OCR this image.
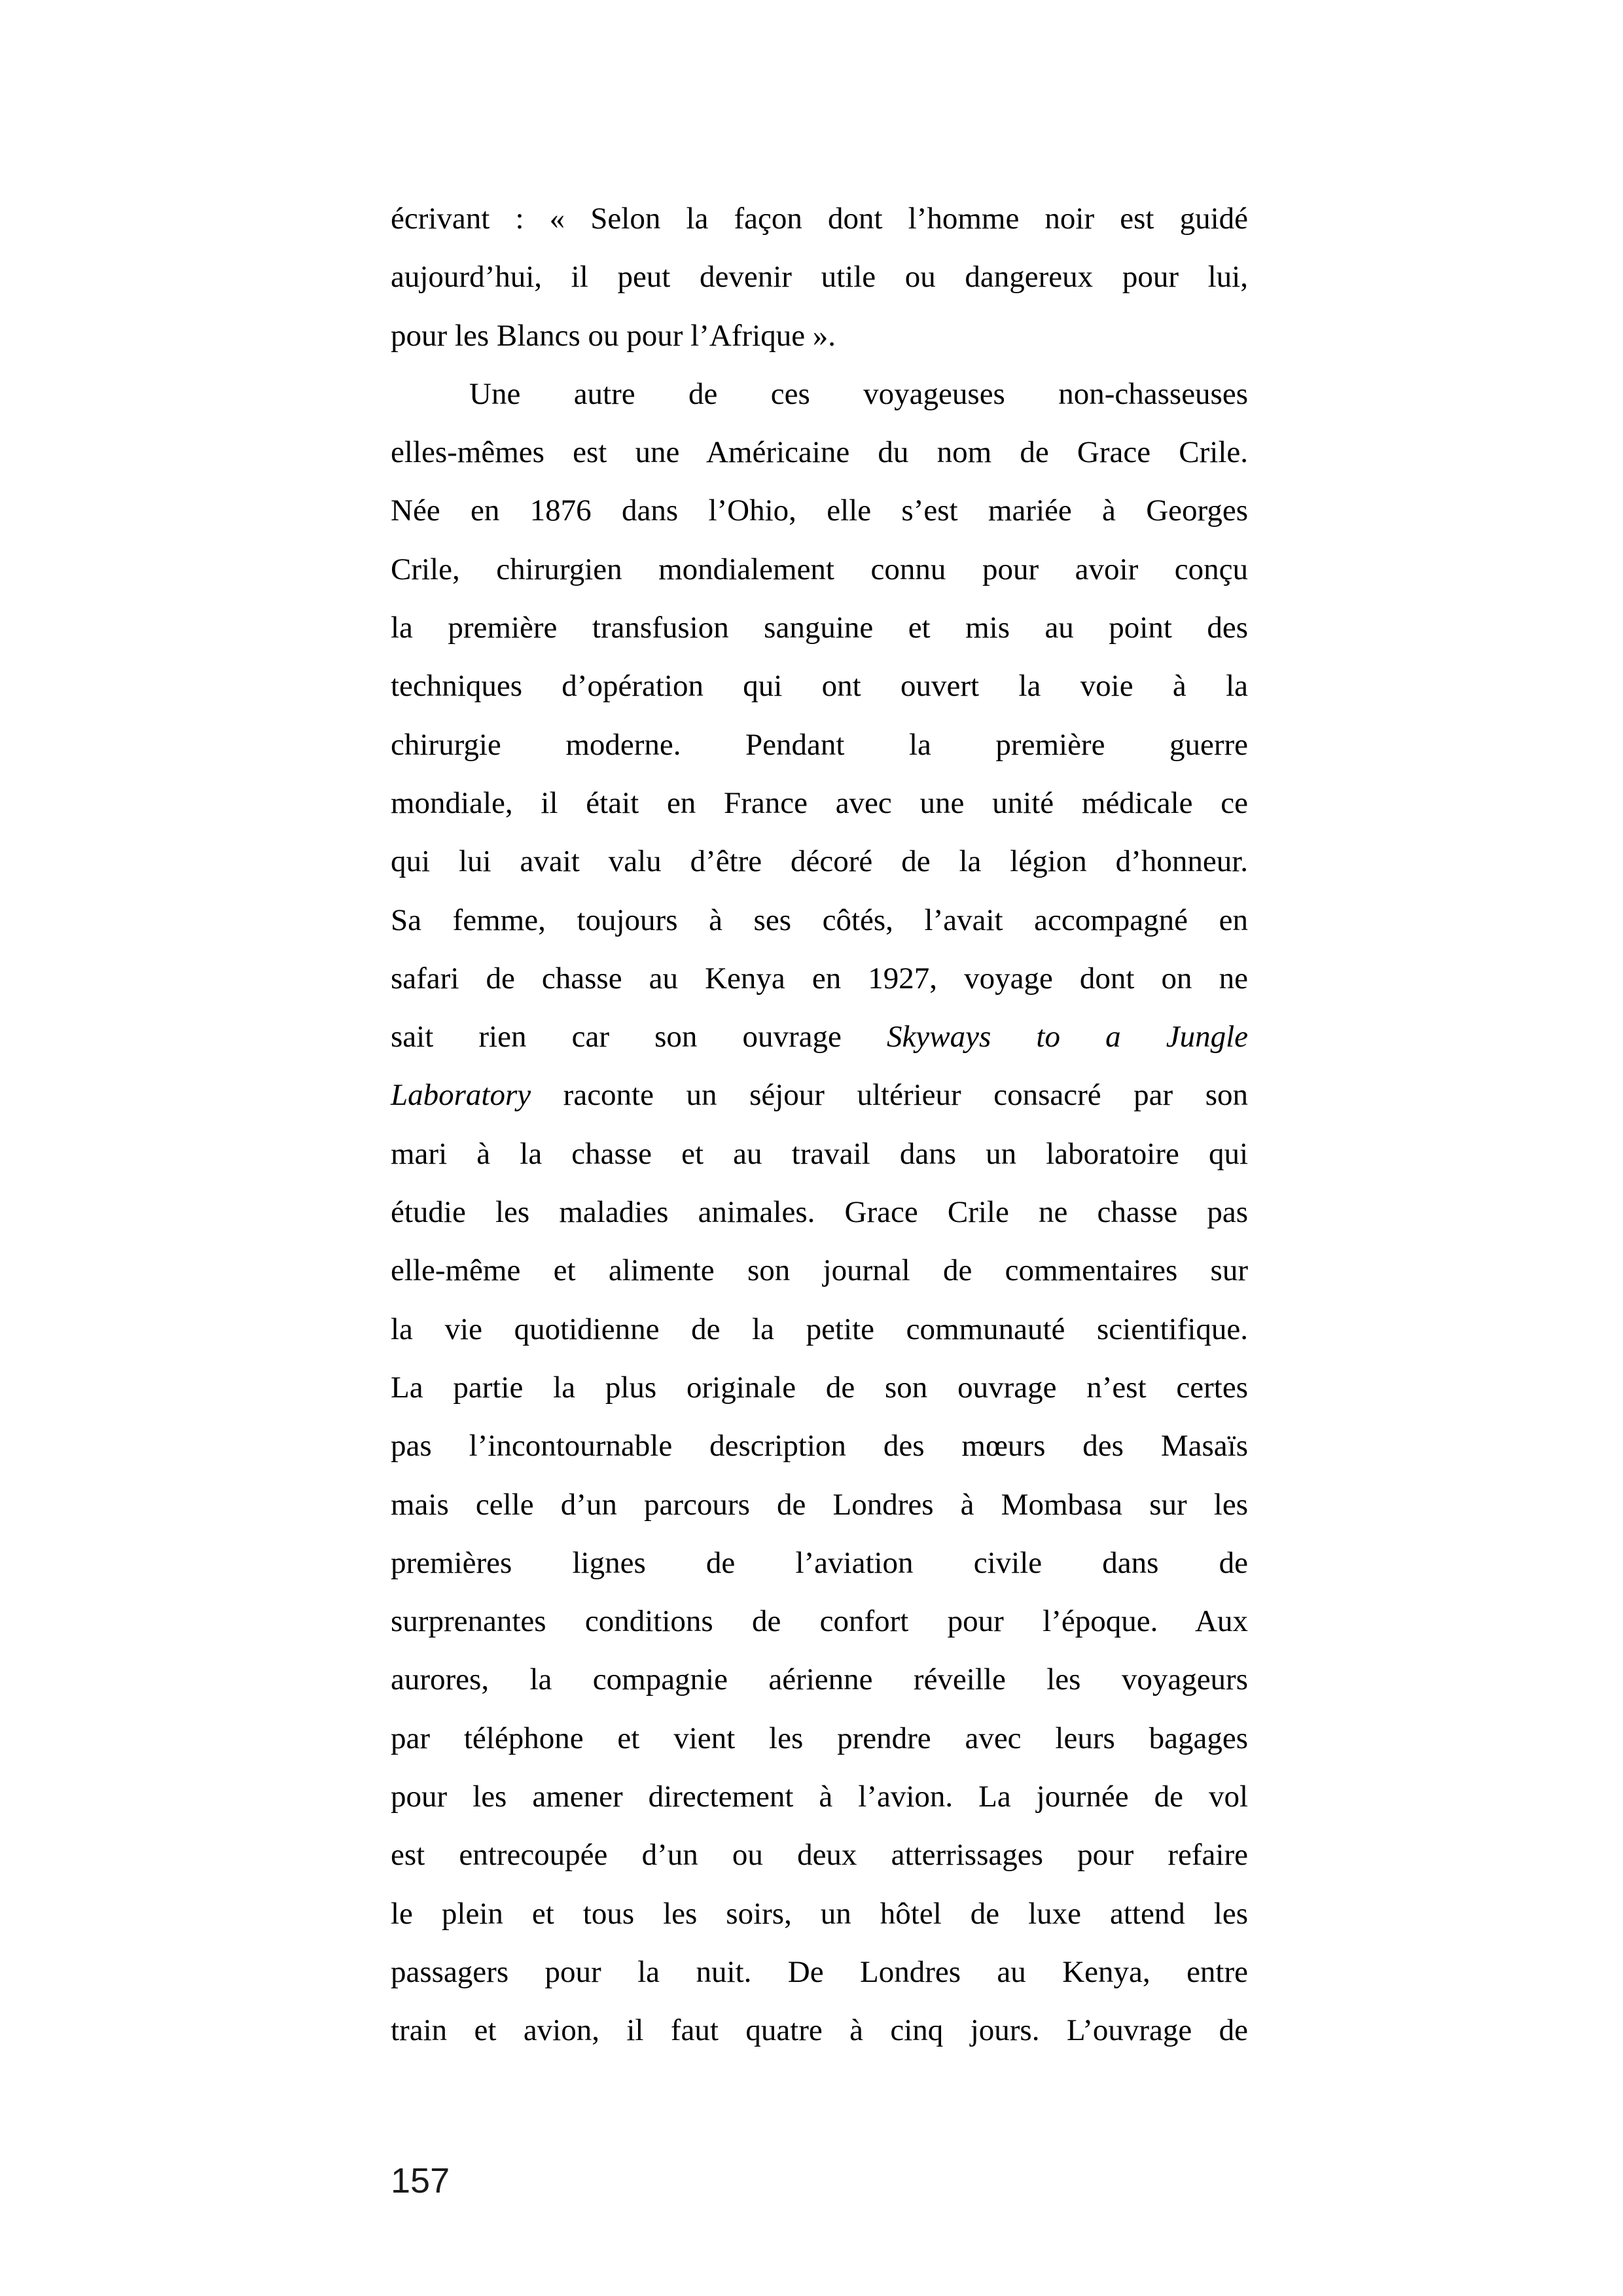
écrivant : « Selon la façon dont l’homme noir est guidé
aujourd’hui, il peut devenir utile ou dangereux pour lui,
pour les Blancs ou pour l’Afrique ».
Une autre de ces voyageuses non-chasseuses
elles-mêmes est une Américaine du nom de Grace Crile.
Née en 1876 dans l’Ohio, elle s’est mariée à Georges
Crile, chirurgien mondialement connu pour avoir conçu
la première transfusion sanguine et mis au point des
techniques d’opération qui ont ouvert la voie à la
chirurgie moderne. Pendant la première guerre
mondiale, il était en France avec une unité médicale ce
qui lui avait valu d’être décoré de la légion d’honneur.
Sa femme, toujours à ses côtés, l’avait accompagné en
safari de chasse au Kenya en 1927, voyage dont on ne
sait rien car son ouvrage Skyways to a Jungle
Laboratory raconte un séjour ultérieur consacré par son
mari à la chasse et au travail dans un laboratoire qui
étudie les maladies animales. Grace Crile ne chasse pas
elle-même et alimente son journal de commentaires sur
la vie quotidienne de la petite communauté scientifique.
La partie la plus originale de son ouvrage n’est certes
pas l’incontournable description des mœurs des Masaïs
mais celle d’un parcours de Londres à Mombasa sur les
premières lignes de l’aviation civile dans de
surprenantes conditions de confort pour l’époque. Aux
aurores, la compagnie aérienne réveille les voyageurs
par téléphone et vient les prendre avec leurs bagages
pour les amener directement à l’avion. La journée de vol
est entrecoupée d’un ou deux atterrissages pour refaire
le plein et tous les soirs, un hôtel de luxe attend les
passagers pour la nuit. De Londres au Kenya, entre
train et avion, il faut quatre à cinq jours. L’ouvrage de
157
